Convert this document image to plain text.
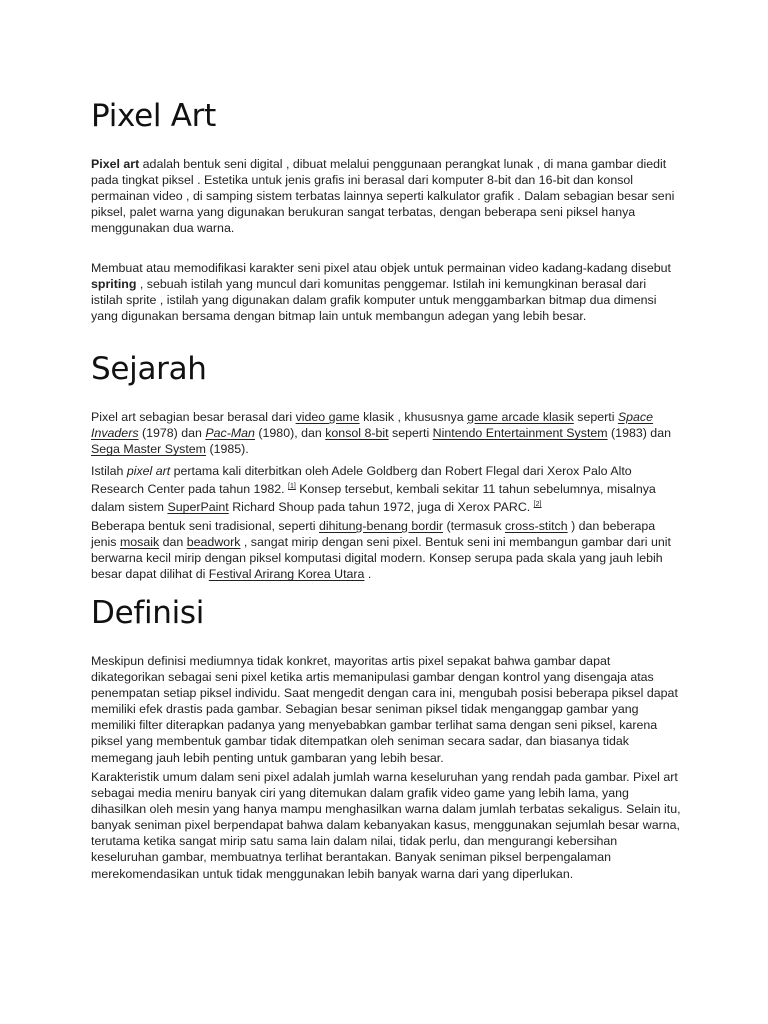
Pixel Art

Pixel art adalah bentuk seni digital , dibuat melalui penggunaan perangkat lunak , di mana gambar diedit pada tingkat piksel . Estetika untuk jenis grafis ini berasal dari komputer 8-bit dan 16-bit dan konsol permainan video , di samping sistem terbatas lainnya seperti kalkulator grafik . Dalam sebagian besar seni piksel, palet warna yang digunakan berukuran sangat terbatas, dengan beberapa seni piksel hanya menggunakan dua warna.

Membuat atau memodifikasi karakter seni pixel atau objek untuk permainan video kadang-kadang disebut spriting , sebuah istilah yang muncul dari komunitas penggemar. Istilah ini kemungkinan berasal dari istilah sprite , istilah yang digunakan dalam grafik komputer untuk menggambarkan bitmap dua dimensi yang digunakan bersama dengan bitmap lain untuk membangun adegan yang lebih besar.

Sejarah

Pixel art sebagian besar berasal dari video game klasik , khususnya game arcade klasik seperti Space Invaders (1978) dan Pac-Man (1980), dan konsol 8-bit seperti Nintendo Entertainment System (1983) dan Sega Master System (1985).

Istilah pixel art pertama kali diterbitkan oleh Adele Goldberg dan Robert Flegal dari Xerox Palo Alto Research Center pada tahun 1982. [1] Konsep tersebut, kembali sekitar 11 tahun sebelumnya, misalnya dalam sistem SuperPaint Richard Shoup pada tahun 1972, juga di Xerox PARC. [2]

Beberapa bentuk seni tradisional, seperti dihitung-benang bordir (termasuk cross-stitch ) dan beberapa jenis mosaik dan beadwork , sangat mirip dengan seni pixel. Bentuk seni ini membangun gambar dari unit berwarna kecil mirip dengan piksel komputasi digital modern. Konsep serupa pada skala yang jauh lebih besar dapat dilihat di Festival Arirang Korea Utara .

Definisi

Meskipun definisi mediumnya tidak konkret, mayoritas artis pixel sepakat bahwa gambar dapat dikategorikan sebagai seni pixel ketika artis memanipulasi gambar dengan kontrol yang disengaja atas penempatan setiap piksel individu. Saat mengedit dengan cara ini, mengubah posisi beberapa piksel dapat memiliki efek drastis pada gambar. Sebagian besar seniman piksel tidak menganggap gambar yang memiliki filter diterapkan padanya yang menyebabkan gambar terlihat sama dengan seni piksel, karena piksel yang membentuk gambar tidak ditempatkan oleh seniman secara sadar, dan biasanya tidak memegang jauh lebih penting untuk gambaran yang lebih besar.

Karakteristik umum dalam seni pixel adalah jumlah warna keseluruhan yang rendah pada gambar. Pixel art sebagai media meniru banyak ciri yang ditemukan dalam grafik video game yang lebih lama, yang dihasilkan oleh mesin yang hanya mampu menghasilkan warna dalam jumlah terbatas sekaligus. Selain itu, banyak seniman pixel berpendapat bahwa dalam kebanyakan kasus, menggunakan sejumlah besar warna, terutama ketika sangat mirip satu sama lain dalam nilai, tidak perlu, dan mengurangi kebersihan keseluruhan gambar, membuatnya terlihat berantakan. Banyak seniman piksel berpengalaman merekomendasikan untuk tidak menggunakan lebih banyak warna dari yang diperlukan.
